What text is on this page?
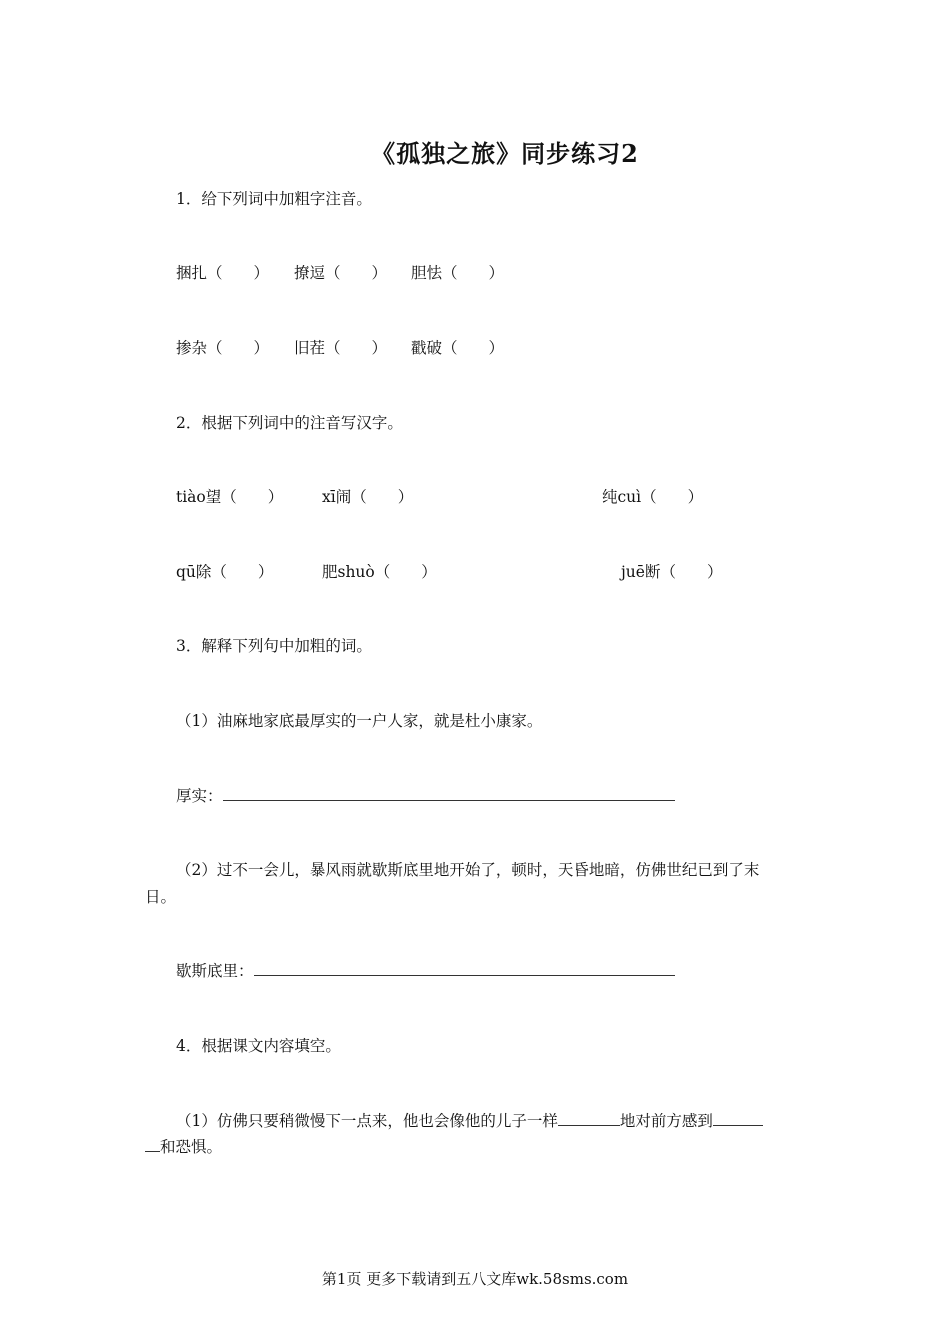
《孤独之旅》同步练习2
1．给下列词中加粗字注音。
捆扎（　　） 撩逗（　　） 胆怯（　　）
掺杂（　　） 旧茬（　　） 戳破（　　）
2．根据下列词中的注音写汉字。
tiào望（　　） xī闹（　　）	纯cuì（　　）
qū除（　　）	肥shuò（　　）	juē断（　　）
3．解释下列句中加粗的词。
（1）油麻地家底最厚实的一户人家，就是杜小康家。
厚实：
（2）过不一会儿，暴风雨就歇斯底里地开始了，顿时，天昏地暗，仿佛世纪已到了末
日。
歇斯底里：
4．根据课文内容填空。
（1）仿佛只要稍微慢下一点来，他也会像他的儿子一样	地对前方感到
和恐惧。
第1页 更多下载请到五八文库wk.58sms.com
